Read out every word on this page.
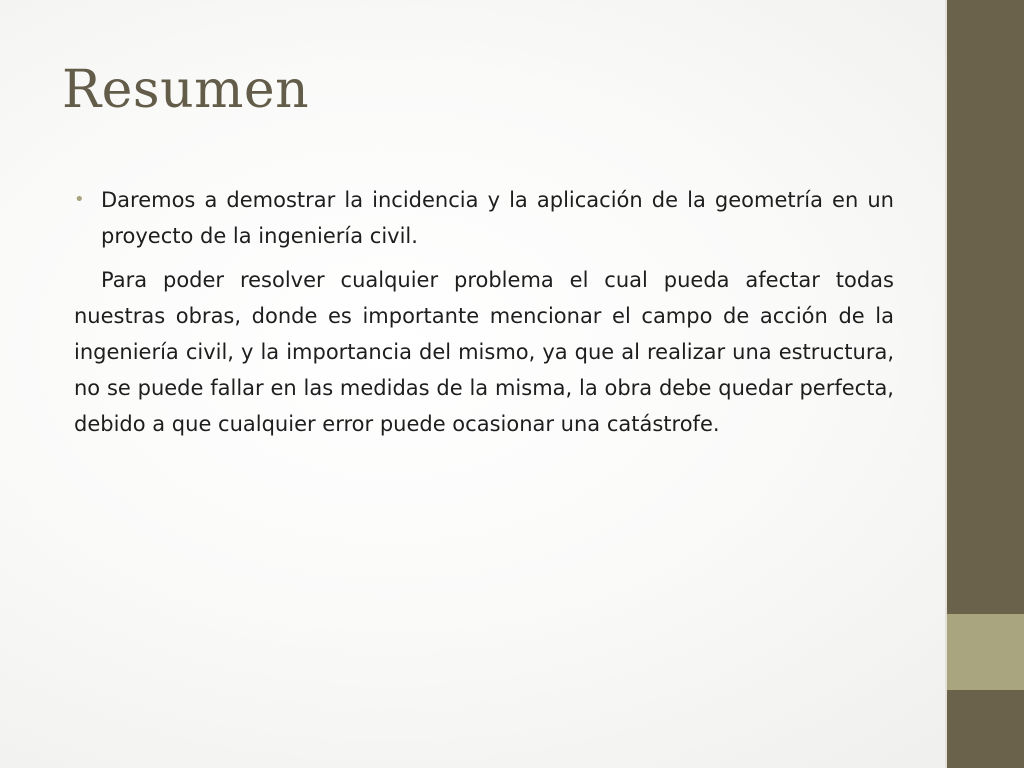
Resumen
• Daremos a demostrar la incidencia y la aplicación de la geometría en un proyecto de la ingeniería civil.

Para poder resolver cualquier problema el cual pueda afectar todas nuestras obras, donde es importante mencionar el campo de acción de la ingeniería civil, y la importancia del mismo, ya que al realizar una estructura, no se puede fallar en las medidas de la misma, la obra debe quedar perfecta, debido a que cualquier error puede ocasionar una catástrofe.
